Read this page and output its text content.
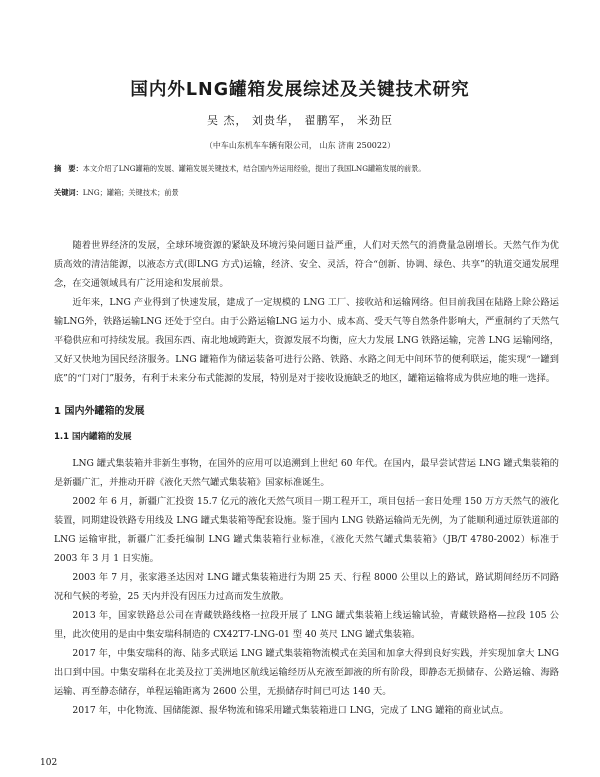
国内外LNG罐箱发展综述及关键技术研究
吴 杰， 刘贵华， 翟鹏军， 米劲臣
（中车山东机车车辆有限公司， 山东 济南 250022）
摘　要：本文介绍了LNG罐箱的发展、罐箱发展关键技术，结合国内外运用经验，提出了我国LNG罐箱发展的前景。
关键词：LNG；罐箱；关键技术；前景

随着世界经济的发展，全球环境资源的紧缺及环境污染问题日益严重，人们对天然气的消费量急剧增长。天然气作为优质高效的清洁能源，以液态方式(即LNG 方式)运输，经济、安全、灵活，符合“创新、协调、绿色、共享”的轨道交通发展理念，在交通领域具有广泛用途和发展前景。

近年来，LNG 产业得到了快速发展，建成了一定规模的 LNG 工厂、接收站和运输网络。但目前我国在陆路上除公路运输LNG外，铁路运输LNG 还处于空白。由于公路运输LNG 运力小、成本高、受天气等自然条件影响大，严重制约了天然气平稳供应和可持续发展。我国东西、南北地域跨距大，资源发展不均衡，应大力发展 LNG 铁路运输，完善 LNG 运输网络，又好又快地为国民经济服务。LNG 罐箱作为储运装备可进行公路、铁路、水路之间无中间环节的便利联运，能实现“一罐到底”的“门对门”服务，有利于未来分布式能源的发展，特别是对于接收设施缺乏的地区，罐箱运输将成为供应地的唯一选择。

1 国内外罐箱的发展
1.1 国内罐箱的发展

LNG 罐式集装箱并非新生事物，在国外的应用可以追溯到上世纪 60 年代。在国内，最早尝试营运 LNG 罐式集装箱的是新疆广汇，并推动开辟《液化天然气罐式集装箱》国家标准诞生。

2002 年 6 月，新疆广汇投资 15.7 亿元的液化天然气项目一期工程开工，项目包括一套日处理 150 万方天然气的液化装置，同期建设铁路专用线及 LNG 罐式集装箱等配套设施。鉴于国内 LNG 铁路运输尚无先例，为了能顺利通过原铁道部的 LNG 运输审批，新疆广汇委托编制 LNG 罐式集装箱行业标准，《液化天然气罐式集装箱》（JB/T 4780-2002）标准于 2003 年 3 月 1 日实施。

2003 年 7 月，张家港圣达因对 LNG 罐式集装箱进行为期 25 天、行程 8000 公里以上的路试，路试期间经历不同路况和气候的考验，25 天内并没有因压力过高而发生放散。

2013 年，国家铁路总公司在青藏铁路线格一拉段开展了 LNG 罐式集装箱上线运输试验，青藏铁路格—拉段 105 公里，此次使用的是由中集安瑞科制造的 CX42T7-LNG-01 型 40 英尺 LNG 罐式集装箱。

2017 年，中集安瑞科的海、陆多式联运 LNG 罐式集装箱物流模式在美国和加拿大得到良好实践，并实现加拿大 LNG 出口到中国。中集安瑞科在北美及拉丁美洲地区航线运输经历从充液至卸液的所有阶段，即静态无损储存、公路运输、海路运输、再至静态储存，单程运输距离为 2600 公里，无损储存时间已可达 140 天。

2017 年，中化物流、国储能源、报华物流和锦采用罐式集装箱进口 LNG，完成了 LNG 罐箱的商业试点。

102
